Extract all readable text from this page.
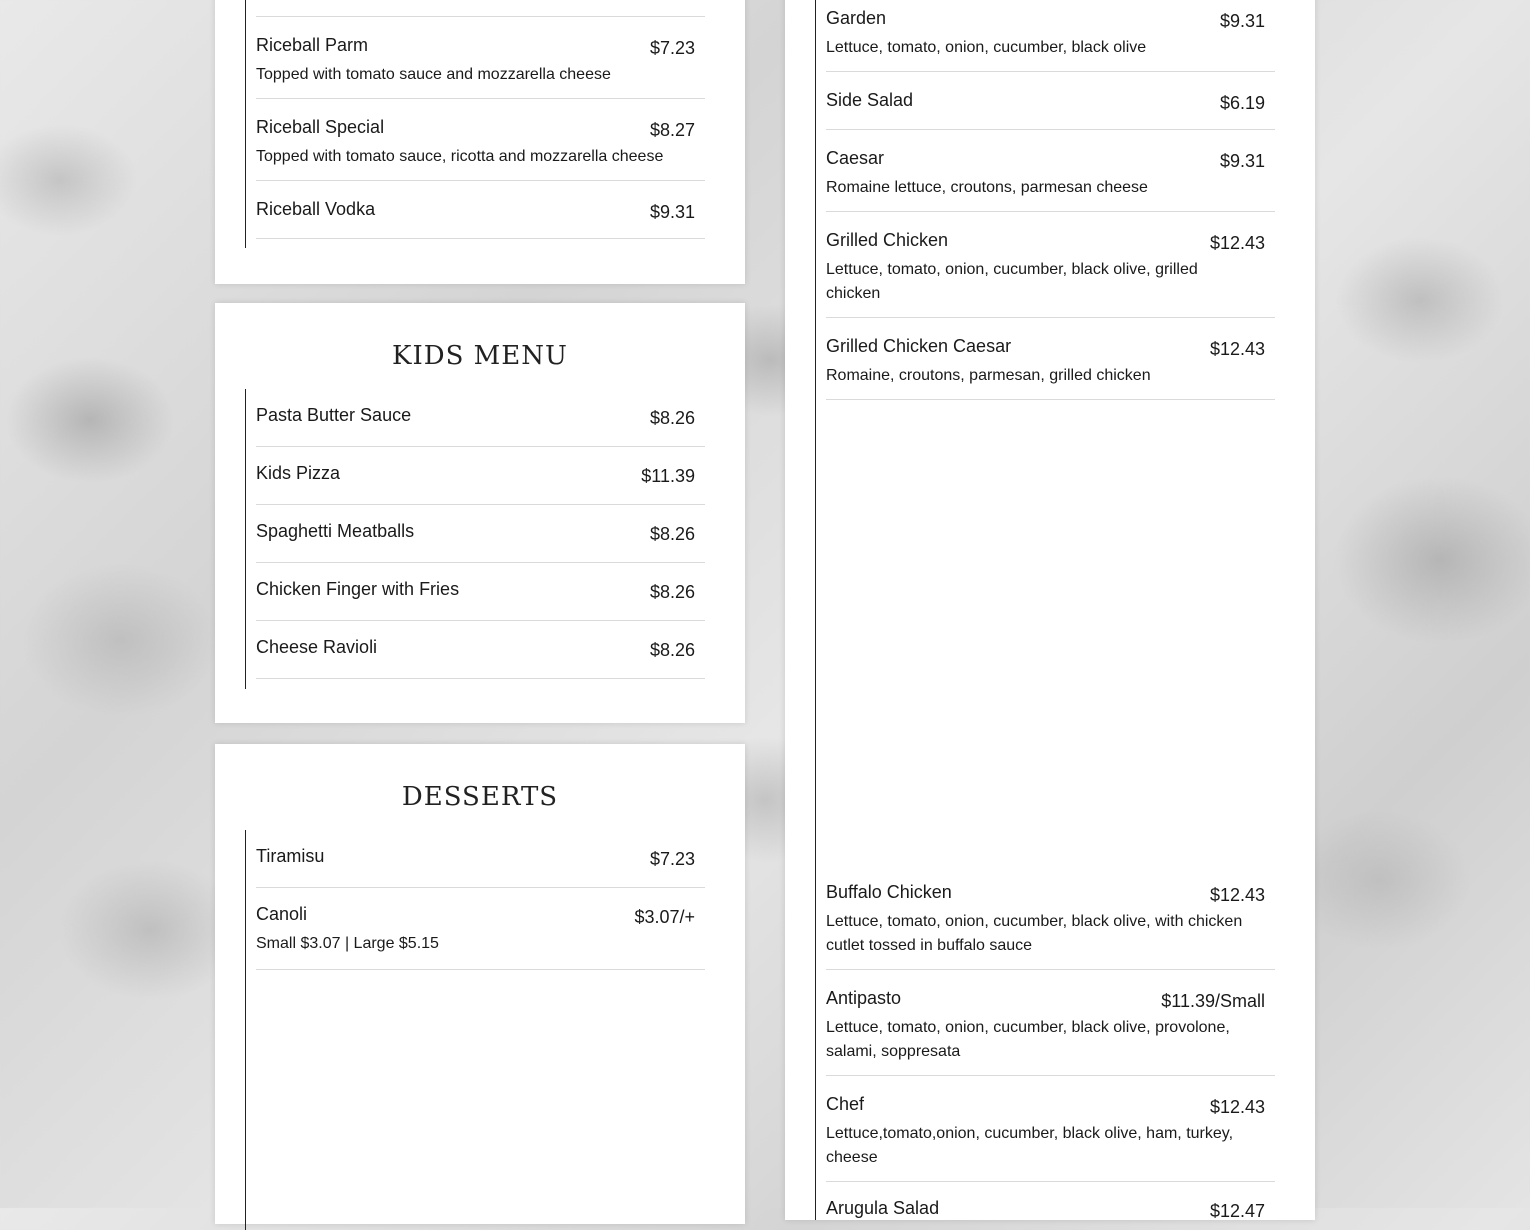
Riceball Parm	$7.23
Topped with tomato sauce and mozzarella cheese
Riceball Special	$8.27
Topped with tomato sauce, ricotta and mozzarella cheese
Riceball Vodka	$9.31
KIDS MENU
Pasta Butter Sauce	$8.26
Kids Pizza	$11.39
Spaghetti Meatballs	$8.26
Chicken Finger with Fries	$8.26
Cheese Ravioli	$8.26
DESSERTS
Tiramisu	$7.23
Canoli	$3.07/+
Small $3.07 | Large $5.15
Garden	$9.31
Lettuce, tomato, onion, cucumber, black olive
Side Salad	$6.19
Caesar	$9.31
Romaine lettuce, croutons, parmesan cheese
Grilled Chicken	$12.43
Lettuce, tomato, onion, cucumber, black olive, grilled chicken
Grilled Chicken Caesar	$12.43
Romaine, croutons, parmesan, grilled chicken
Buffalo Chicken	$12.43
Lettuce, tomato, onion, cucumber, black olive, with chicken cutlet tossed in buffalo sauce
Antipasto	$11.39/Small
Lettuce, tomato, onion, cucumber, black olive, provolone, salami, soppresata
Chef	$12.43
Lettuce,tomato,onion, cucumber, black olive, ham, turkey, cheese
Arugula Salad	$12.47
